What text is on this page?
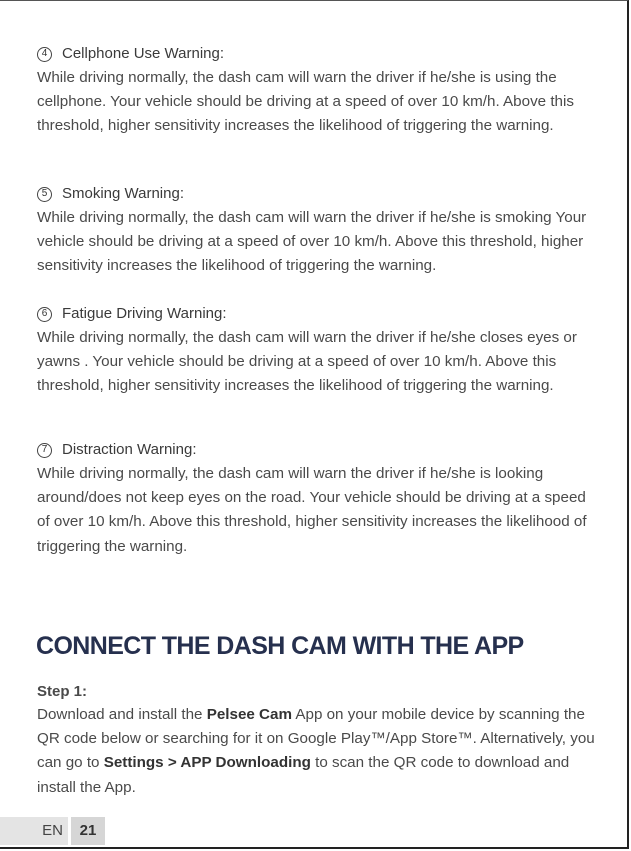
4 Cellphone Use Warning:
While driving normally, the dash cam will warn the driver if he/she is using the cellphone. Your vehicle should be driving at a speed of over 10 km/h. Above this threshold, higher sensitivity increases the likelihood of triggering the warning.
5 Smoking Warning:
While driving normally, the dash cam will warn the driver if he/she is smoking Your vehicle should be driving at a speed of over 10 km/h. Above this threshold, higher sensitivity increases the likelihood of triggering the warning.
6 Fatigue Driving Warning:
While driving normally, the dash cam will warn the driver if he/she closes eyes or yawns . Your vehicle should be driving at a speed of over 10 km/h. Above this threshold, higher sensitivity increases the likelihood of triggering the warning.
7 Distraction Warning:
While driving normally, the dash cam will warn the driver if he/she is looking around/does not keep eyes on the road. Your vehicle should be driving at a speed of over 10 km/h. Above this threshold, higher sensitivity increases the likelihood of triggering the warning.
CONNECT THE DASH CAM WITH THE APP
Step 1:
Download and install the Pelsee Cam App on your mobile device by scanning the QR code below or searching for it on Google Play™/App Store™. Alternatively, you can go to Settings > APP Downloading to scan the QR code to download and install the App.
EN	21
